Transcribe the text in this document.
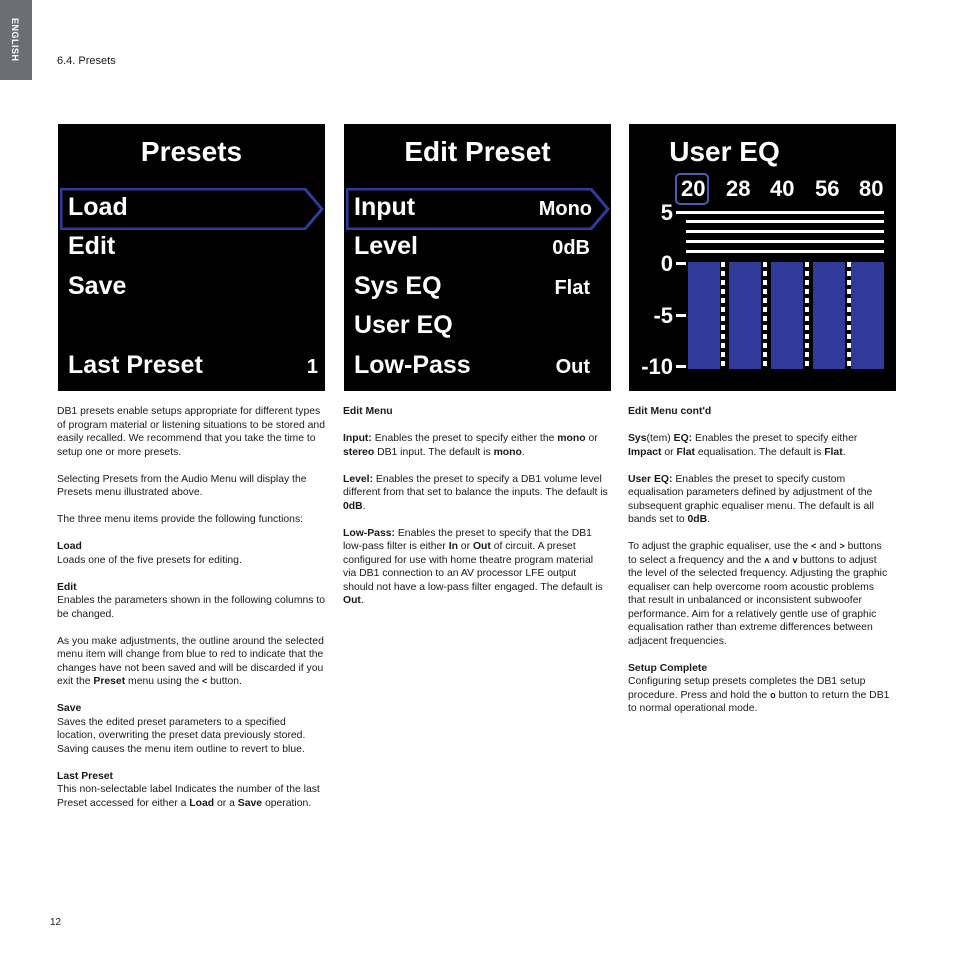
ENGLISH	6.4. Presets
Presets
Load
Edit
Save
Last Preset	1
Edit Preset
Input	Mono
Level	0dB
Sys EQ	Flat
User EQ
Low-Pass	Out
User EQ
20 28 40 56 80
5
0
-5
-10

DB1 presets enable setups appropriate for different types of program material or listening situations to be stored and easily recalled. We recommend that you take the time to setup one or more presets.

Selecting Presets from the Audio Menu will display the Presets menu illustrated above.

The three menu items provide the following functions:

Load
Loads one of the five presets for editing.

Edit
Enables the parameters shown in the following columns to be changed.

As you make adjustments, the outline around the selected menu item will change from blue to red to indicate that the changes have not been saved and will be discarded if you exit the Preset menu using the < button.

Save
Saves the edited preset parameters to a specified location, overwriting the preset data previously stored. Saving causes the menu item outline to revert to blue.

Last Preset
This non-selectable label Indicates the number of the last Preset accessed for either a Load or a Save operation.

Edit Menu

Input: Enables the preset to specify either the mono or stereo DB1 input. The default is mono.

Level: Enables the preset to specify a DB1 volume level different from that set to balance the inputs. The default is 0dB.

Low-Pass: Enables the preset to specify that the DB1 low-pass filter is either In or Out of circuit. A preset configured for use with home theatre program material via DB1 connection to an AV processor LFE output should not have a low-pass filter engaged. The default is Out.

Edit Menu cont'd

Sys(tem) EQ: Enables the preset to specify either Impact or Flat equalisation. The default is Flat.

User EQ: Enables the preset to specify custom equalisation parameters defined by adjustment of the subsequent graphic equaliser menu. The default is all bands set to 0dB.

To adjust the graphic equaliser, use the < and > buttons to select a frequency and the ʌ and v buttons to adjust the level of the selected frequency. Adjusting the graphic equaliser can help overcome room acoustic problems that result in unbalanced or inconsistent subwoofer performance. Aim for a relatively gentle use of graphic equalisation rather than extreme differences between adjacent frequencies.

Setup Complete
Configuring setup presets completes the DB1 setup procedure. Press and hold the o button to return the DB1 to normal operational mode.

12
